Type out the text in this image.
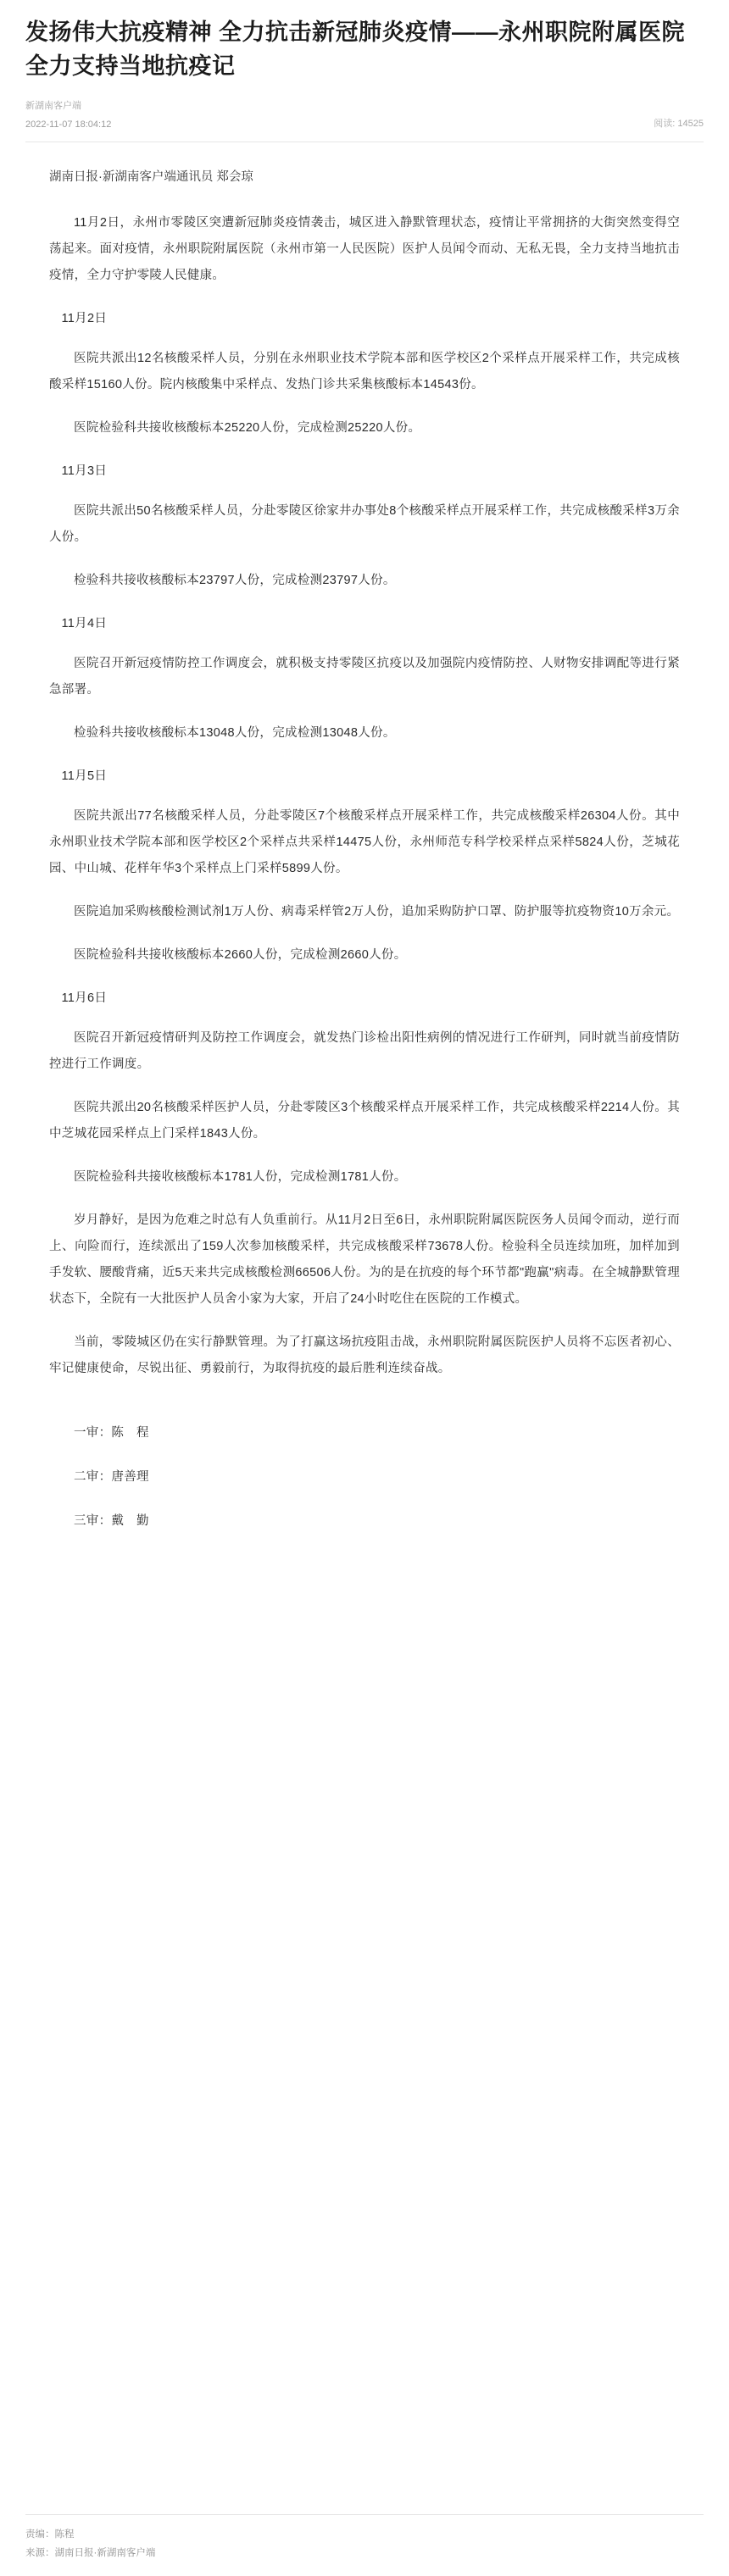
发扬伟大抗疫精神 全力抗击新冠肺炎疫情——永州职院附属医院全力支持当地抗疫记
新湖南客户端
2022-11-07 18:04:12	阅读: 14525
湖南日报·新湖南客户端通讯员 郑会琼

11月2日，永州市零陵区突遭新冠肺炎疫情袭击，城区进入静默管理状态，疫情让平常拥挤的大街突然变得空荡起来。面对疫情，永州职院附属医院（永州市第一人民医院）医护人员闻令而动、无私无畏，全力支持当地抗击疫情，全力守护零陵人民健康。

11月2日

医院共派出12名核酸采样人员，分别在永州职业技术学院本部和医学校区2个采样点开展采样工作，共完成核酸采样15160人份。院内核酸集中采样点、发热门诊共采集核酸标本14543份。

医院检验科共接收核酸标本25220人份，完成检测25220人份。

11月3日

医院共派出50名核酸采样人员，分赴零陵区徐家井办事处8个核酸采样点开展采样工作，共完成核酸采样3万余人份。

检验科共接收核酸标本23797人份，完成检测23797人份。

11月4日

医院召开新冠疫情防控工作调度会，就积极支持零陵区抗疫以及加强院内疫情防控、人财物安排调配等进行紧急部署。

检验科共接收核酸标本13048人份，完成检测13048人份。

11月5日

医院共派出77名核酸采样人员，分赴零陵区7个核酸采样点开展采样工作，共完成核酸采样26304人份。其中永州职业技术学院本部和医学校区2个采样点共采样14475人份，永州师范专科学校采样点采样5824人份，芝城花园、中山城、花样年华3个采样点上门采样5899人份。

医院追加采购核酸检测试剂1万人份、病毒采样管2万人份，追加采购防护口罩、防护服等抗疫物资10万余元。

医院检验科共接收核酸标本2660人份，完成检测2660人份。

11月6日

医院召开新冠疫情研判及防控工作调度会，就发热门诊检出阳性病例的情况进行工作研判，同时就当前疫情防控进行工作调度。

医院共派出20名核酸采样医护人员，分赴零陵区3个核酸采样点开展采样工作，共完成核酸采样2214人份。其中芝城花园采样点上门采样1843人份。

医院检验科共接收核酸标本1781人份，完成检测1781人份。

岁月静好，是因为危难之时总有人负重前行。从11月2日至6日，永州职院附属医院医务人员闻令而动，逆行而上、向险而行，连续派出了159人次参加核酸采样，共完成核酸采样73678人份。检验科全员连续加班，加样加到手发软、腰酸背痛，近5天来共完成核酸检测66506人份。为的是在抗疫的每个环节都"跑赢"病毒。在全城静默管理状态下，全院有一大批医护人员舍小家为大家，开启了24小时吃住在医院的工作模式。

当前，零陵城区仍在实行静默管理。为了打赢这场抗疫阻击战，永州职院附属医院医护人员将不忘医者初心、牢记健康使命，尽锐出征、勇毅前行，为取得抗疫的最后胜利连续奋战。

一审：陈　程
二审：唐善理
三审：戴　勤
责编：陈程
来源：湖南日报·新湖南客户端
